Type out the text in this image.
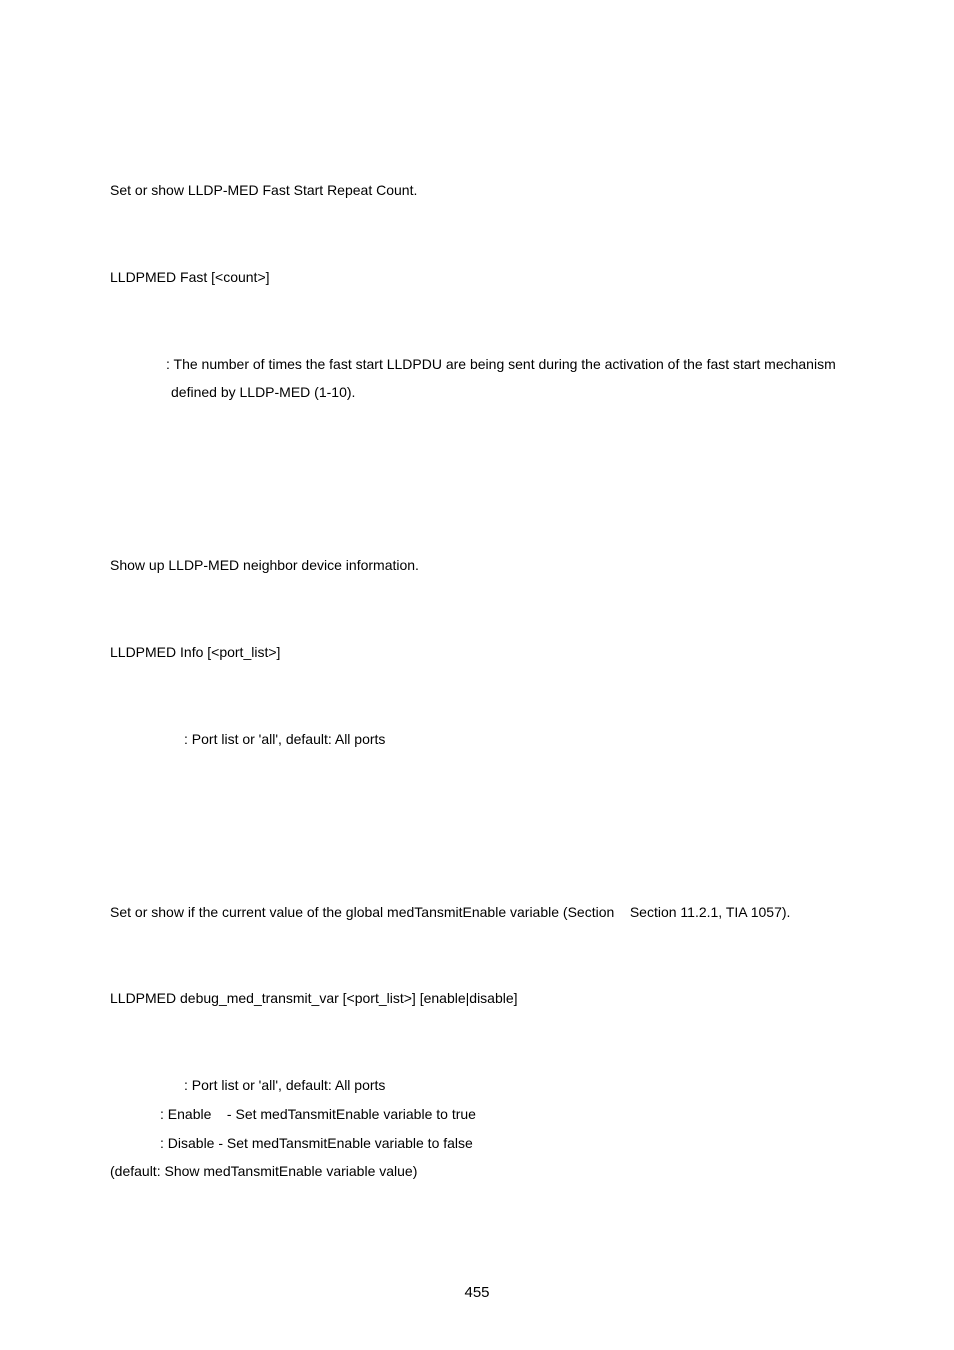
Set or show LLDP-MED Fast Start Repeat Count.
LLDPMED Fast [<count>]
: The number of times the fast start LLDPDU are being sent during the activation of the fast start mechanism
defined by LLDP-MED (1-10).
Show up LLDP-MED neighbor device information.
LLDPMED Info [<port_list>]
: Port list or 'all', default: All ports
Set or show if the current value of the global medTansmitEnable variable (Section    Section 11.2.1, TIA 1057).
LLDPMED debug_med_transmit_var [<port_list>] [enable|disable]
: Port list or 'all', default: All ports
: Enable    - Set medTansmitEnable variable to true
: Disable - Set medTansmitEnable variable to false
(default: Show medTansmitEnable variable value)
455
